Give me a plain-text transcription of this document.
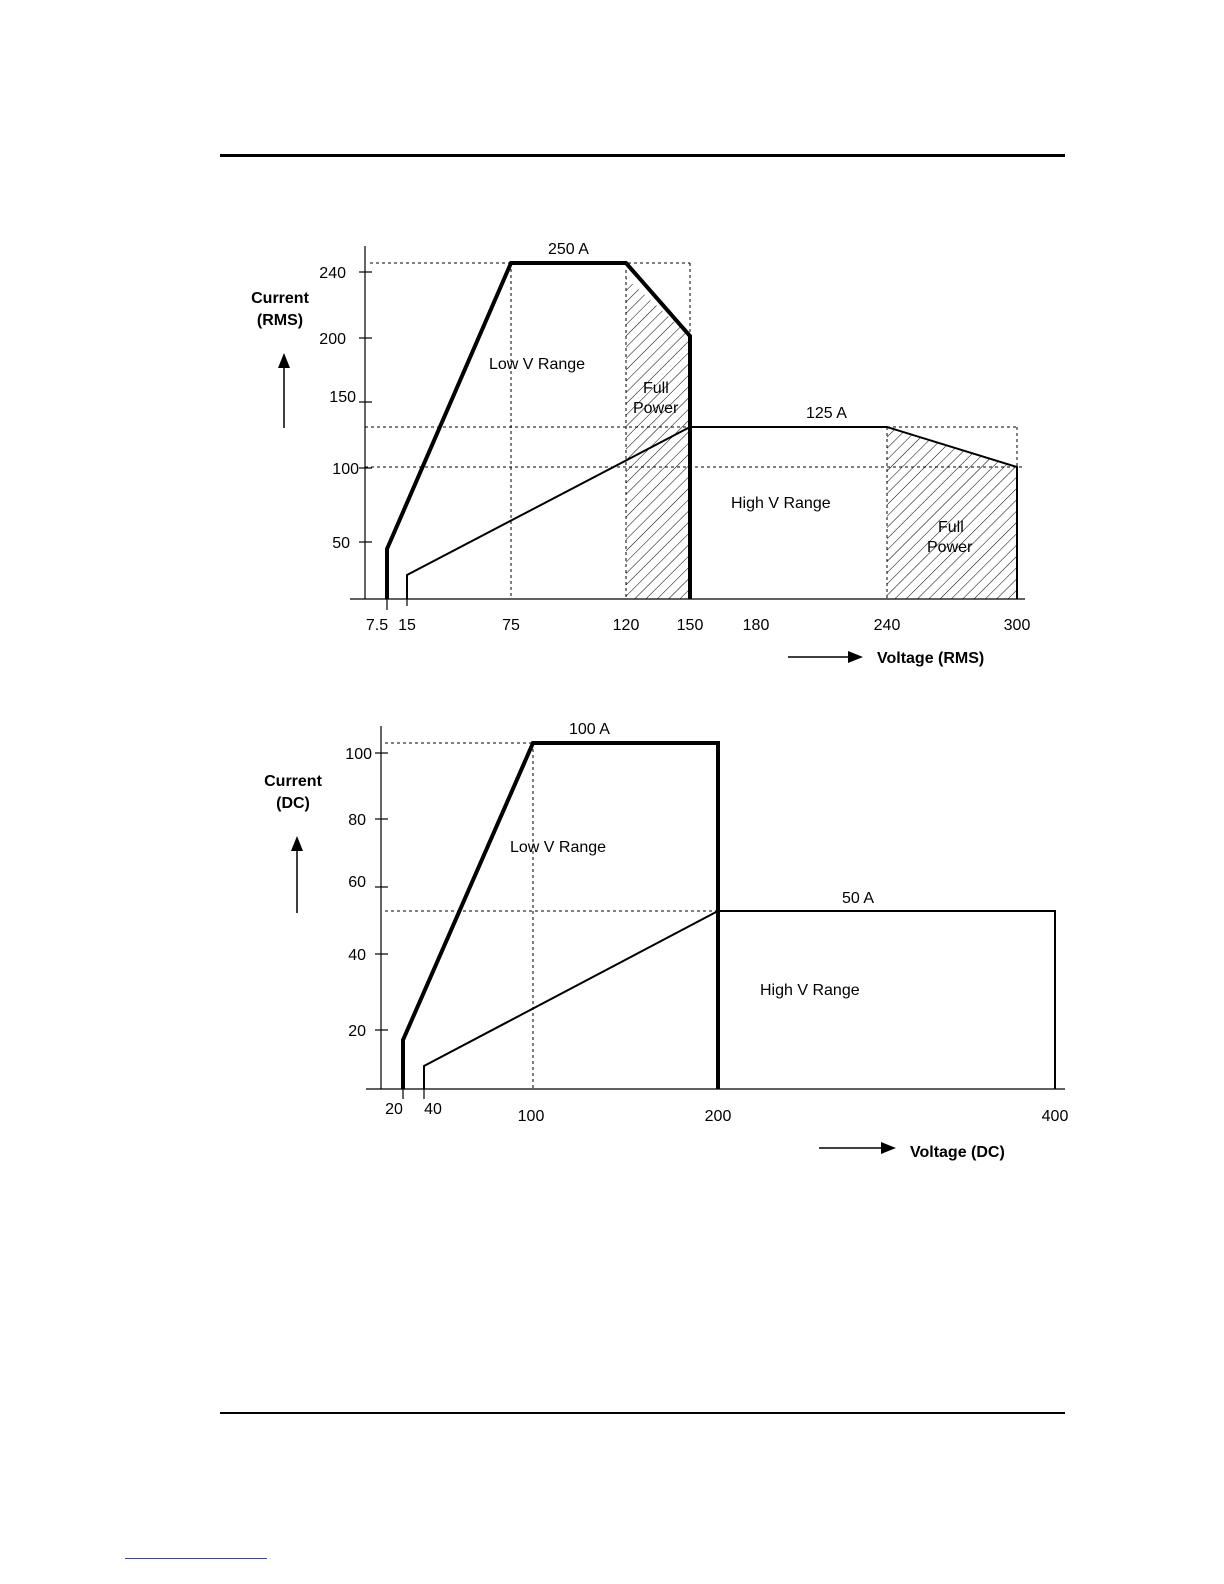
240
200
150
100
50
7.5 15	75	120 150 180	240	300
250 A
125 A
Low V Range
Full
Power
High V Range
Full
Power
Current
(RMS)
Voltage (RMS)
100
80
60
40
20
20 40	100	200	400
100 A
50 A
Low V Range
High V Range
Current
(DC)
Voltage (DC)
